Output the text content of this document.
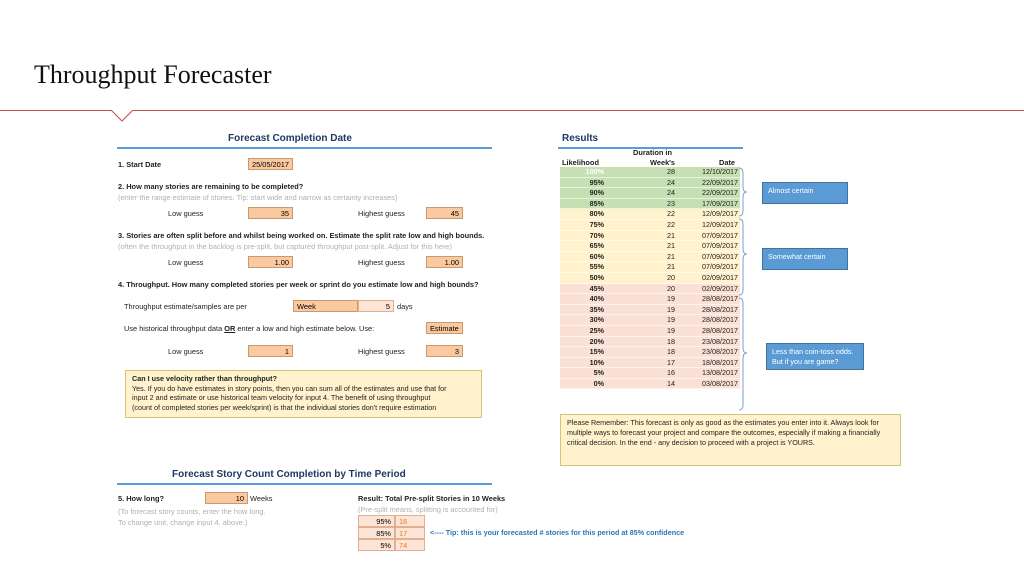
Throughput Forecaster
Forecast Completion Date
1. Start Date	25/05/2017
2. How many stories are remaining to be completed?
(enter the range estimate of stories. Tip: start wide and narrow as certainty increases)
Low guess	35	Highest guess	45
3. Stories are often split before and whilst being worked on. Estimate the split rate low and high bounds.
(often the throughput in the backlog is pre-split, but captured throughput post-split. Adjust for this here)
Low guess	1.00	Highest guess	1.00
4. Throughput. How many completed stories per week or sprint do you estimate low and high bounds?
Throughput estimate/samples are per	Week	5 days
Use historical throughput data OR enter a low and high estimate below. Use:	Estimate
Low guess	1	Highest guess	3
Can I use velocity rather than throughput?
Yes. If you do have estimates in story points, then you can sum all of the estimates and use that for
input 2 and estimate or use historical team velocity for input 4. The benefit of using throughput
(count of completed stories per week/sprint) is that the individual stories don't require estimation
Forecast Story Count Completion by Time Period
5. How long?	10 Weeks
(To forecast story counts, enter the how long.
To change unit, change input 4. above.)
Result: Total Pre-split Stories in 10 Weeks
(Pre-split means, splitting is accounted for)
95%	16
85%	17
5%	74
<---- Tip: this is your forecasted # stories for this period at 85% confidence
Results
Duration in
Likelihood	Week's	Date
100%	28	12/10/2017
95%	24	22/09/2017
90%	24	22/09/2017
85%	23	17/09/2017
80%	22	12/09/2017
75%	22	12/09/2017
70%	21	07/09/2017
65%	21	07/09/2017
60%	21	07/09/2017
55%	21	07/09/2017
50%	20	02/09/2017
45%	20	02/09/2017
40%	19	28/08/2017
35%	19	28/08/2017
30%	19	28/08/2017
25%	19	28/08/2017
20%	18	23/08/2017
15%	18	23/08/2017
10%	17	18/08/2017
5%	16	13/08/2017
0%	14	03/08/2017
Almost certain
Somewhat certain
Less than coin-toss odds.
But if you are game?
Please Remember: This forecast is only as good as the estimates you enter into it. Always look for multiple ways to forecast your project and compare the outcomes, especially if making a financially critical decision. In the end - any decision to proceed with a project is YOURS.
